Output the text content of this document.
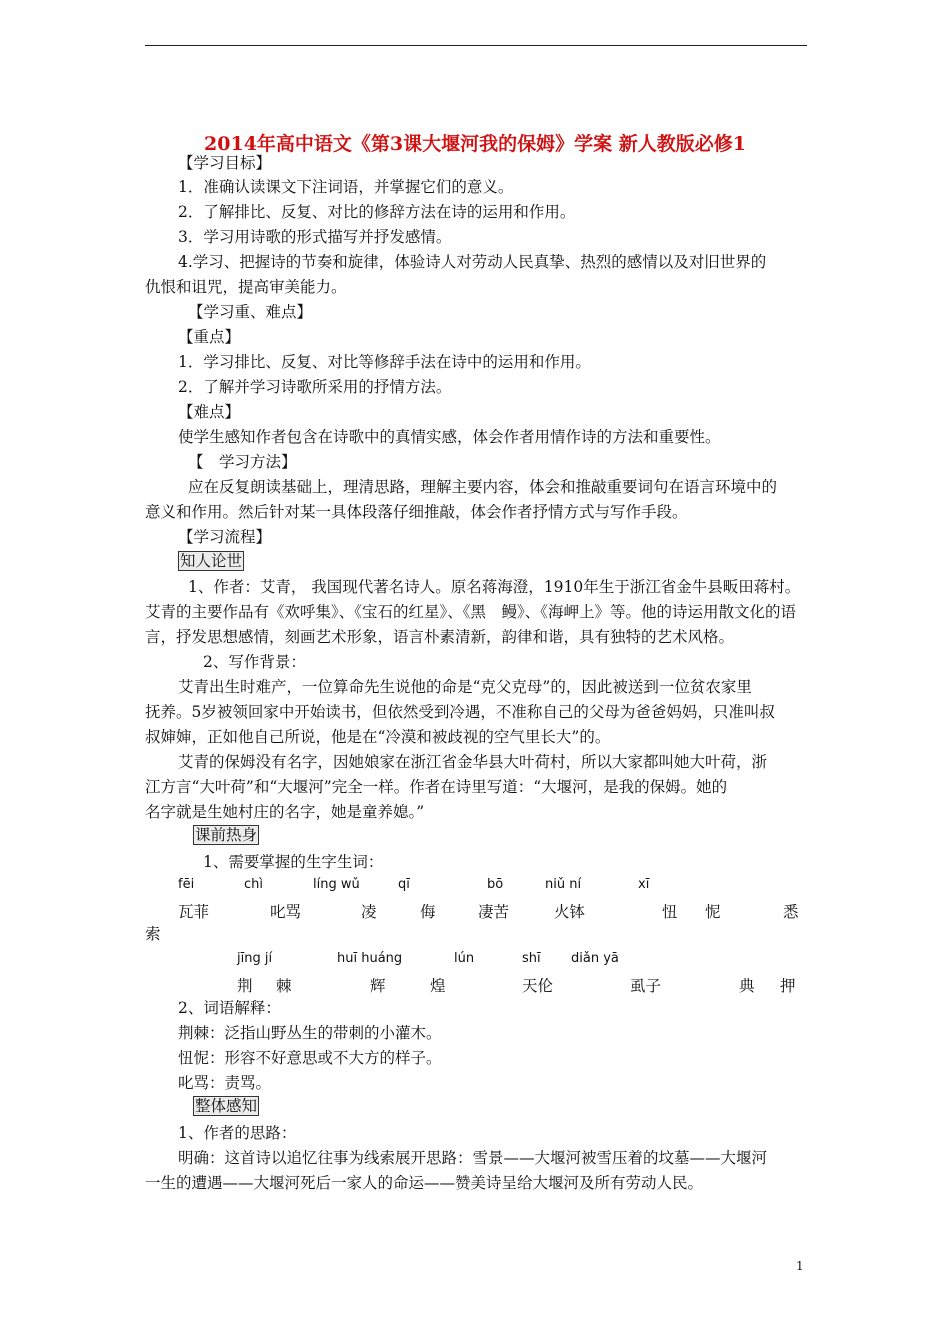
2014年高中语文《第3课大堰河我的保姆》学案 新人教版必修1
【学习目标】
1．准确认读课文下注词语，并掌握它们的意义。
2．了解排比、反复、对比的修辞方法在诗的运用和作用。
3．学习用诗歌的形式描写并抒发感情。
4.学习、把握诗的节奏和旋律，体验诗人对劳动人民真挚、热烈的感情以及对旧世界的
仇恨和诅咒，提高审美能力。
【学习重、难点】
【重点】
1．学习排比、反复、对比等修辞手法在诗中的运用和作用。
2．了解并学习诗歌所采用的抒情方法。
【难点】
使学生感知作者包含在诗歌中的真情实感，体会作者用情作诗的方法和重要性。
【　学习方法】
应在反复朗读基础上，理清思路，理解主要内容，体会和推敲重要词句在语言环境中的
意义和作用。然后针对某一具体段落仔细推敲，体会作者抒情方式与写作手段。
【学习流程】
知人论世
1、作者：艾青， 我国现代著名诗人。原名蒋海澄，1910年生于浙江省金牛县畈田蒋村。
艾青的主要作品有《欢呼集》、《宝石的红星》、《黑　鳗》、《海岬上》等。他的诗运用散文化的语
言，抒发思想感情，刻画艺术形象，语言朴素清新，韵律和谐，具有独特的艺术风格。
2、写作背景：
艾青出生时难产，一位算命先生说他的命是“克父克母”的，因此被送到一位贫农家里
抚养。5岁被领回家中开始读书，但依然受到冷遇，不准称自己的父母为爸爸妈妈，只准叫叔
叔婶婶，正如他自己所说，他是在“冷漠和被歧视的空气里长大”的。
艾青的保姆没有名字，因她娘家在浙江省金华县大叶荷村，所以大家都叫她大叶荷，浙
江方言“大叶荷”和“大堰河”完全一样。作者在诗里写道：“大堰河，是我的保姆。她的
名字就是生她村庄的名字，她是童养媳。”
课前热身
1、需要掌握的生字生词：
fēi	chì	líng wǔ	qī	bō	niǔ ní	xī
瓦菲	叱骂	凌	侮	凄苦	火钵	忸 怩	悉
索
jīng jí	huī huáng	lún	shī diǎn yā
荆 棘	辉	煌	天伦	虱子	典 押
2、词语解释：
荆棘：泛指山野丛生的带刺的小灌木。
忸怩：形容不好意思或不大方的样子。
叱骂：责骂。
整体感知
1、作者的思路：
明确：这首诗以追忆往事为线索展开思路：雪景——大堰河被雪压着的坟墓——大堰河
一生的遭遇——大堰河死后一家人的命运——赞美诗呈给大堰河及所有劳动人民。
1
